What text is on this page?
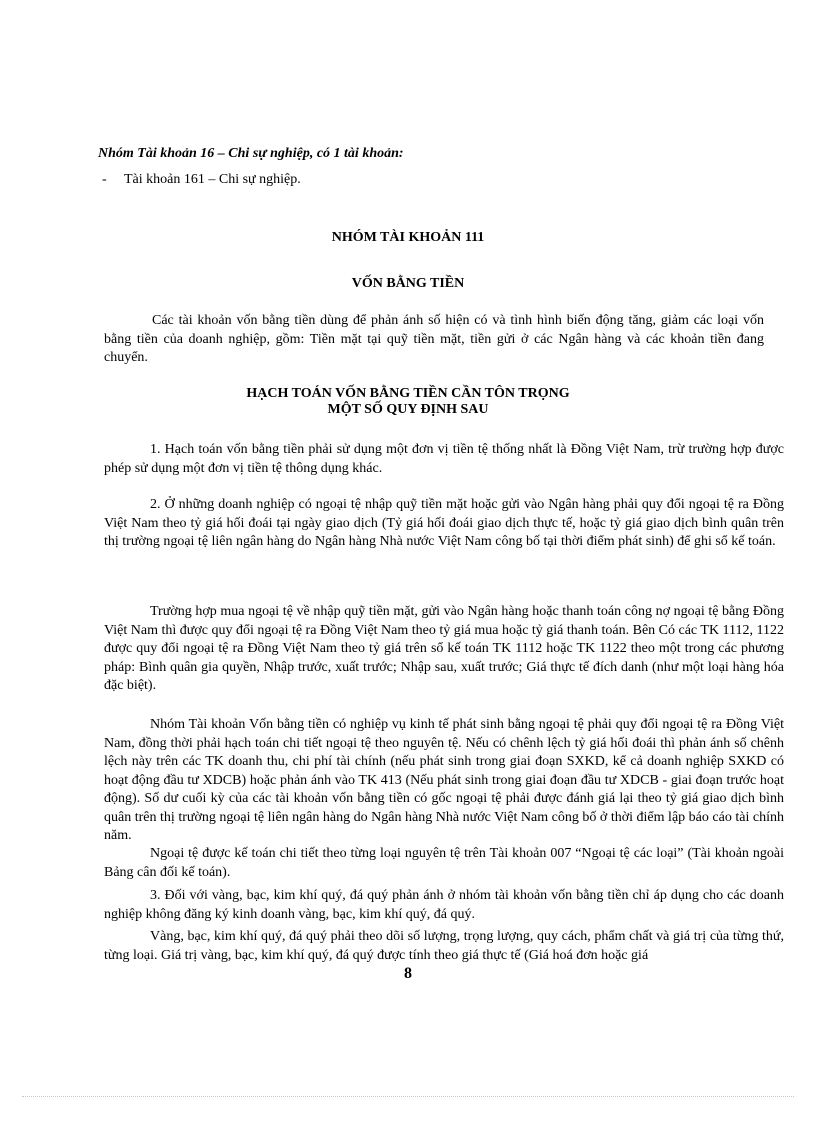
Nhóm Tài khoản 16 – Chi sự nghiệp, có 1 tài khoản:

-	Tài khoản 161 – Chi sự nghiệp.

NHÓM TÀI KHOẢN 111
VỐN BẰNG TIỀN

Các tài khoản vốn bằng tiền dùng để phản ánh số hiện có và tình hình biến động tăng, giảm các loại vốn bằng tiền của doanh nghiệp, gồm: Tiền mặt tại quỹ tiền mặt, tiền gửi ở các Ngân hàng và các khoản tiền đang chuyển.

HẠCH TOÁN VỐN BẰNG TIỀN CẦN TÔN TRỌNG
MỘT SỐ QUY ĐỊNH SAU

1. Hạch toán vốn bằng tiền phải sử dụng một đơn vị tiền tệ thống nhất là Đồng Việt Nam, trừ trường hợp được phép sử dụng một đơn vị tiền tệ thông dụng khác.

2. Ở những doanh nghiệp có ngoại tệ nhập quỹ tiền mặt hoặc gửi vào Ngân hàng phải quy đổi ngoại tệ ra Đồng Việt Nam theo tỷ giá hối đoái tại ngày giao dịch (Tỷ giá hối đoái giao dịch thực tế, hoặc tỷ giá giao dịch bình quân trên thị trường ngoại tệ liên ngân hàng do Ngân hàng Nhà nước Việt Nam công bố tại thời điểm phát sinh) để ghi sổ kế toán.

Trường hợp mua ngoại tệ về nhập quỹ tiền mặt, gửi vào Ngân hàng hoặc thanh toán công nợ ngoại tệ bằng Đồng Việt Nam thì được quy đổi ngoại tệ ra Đồng Việt Nam theo tỷ giá mua hoặc tỷ giá thanh toán. Bên Có các TK 1112, 1122 được quy đổi ngoại tệ ra Đồng Việt Nam theo tỷ giá trên sổ kế toán TK 1112 hoặc TK 1122 theo một trong các phương pháp: Bình quân gia quyền, Nhập trước, xuất trước; Nhập sau, xuất trước; Giá thực tế đích danh (như một loại hàng hóa đặc biệt).

Nhóm Tài khoản Vốn bằng tiền có nghiệp vụ kinh tế phát sinh bằng ngoại tệ phải quy đổi ngoại tệ ra Đồng Việt Nam, đồng thời phải hạch toán chi tiết ngoại tệ theo nguyên tệ. Nếu có chênh lệch tỷ giá hối đoái thì phản ánh số chênh lệch này trên các TK doanh thu, chi phí tài chính (nếu phát sinh trong giai đoạn SXKD, kể cả doanh nghiệp SXKD có hoạt động đầu tư XDCB) hoặc phản ánh vào TK 413 (Nếu phát sinh trong giai đoạn đầu tư XDCB - giai đoạn trước hoạt động). Số dư cuối kỳ của các tài khoản vốn bằng tiền có gốc ngoại tệ phải được đánh giá lại theo tỷ giá giao dịch bình quân trên thị trường ngoại tệ liên ngân hàng do Ngân hàng Nhà nước Việt Nam công bố ở thời điểm lập báo cáo tài chính năm.

Ngoại tệ được kế toán chi tiết theo từng loại nguyên tệ trên Tài khoản 007 “Ngoại tệ các loại” (Tài khoản ngoài Bảng cân đối kế toán).

3. Đối với vàng, bạc, kim khí quý, đá quý phản ánh ở nhóm tài khoản vốn bằng tiền chỉ áp dụng cho các doanh nghiệp không đăng ký kinh doanh vàng, bạc, kim khí quý, đá quý.

Vàng, bạc, kim khí quý, đá quý phải theo dõi số lượng, trọng lượng, quy cách, phẩm chất và giá trị của từng thứ, từng loại. Giá trị vàng, bạc, kim khí quý, đá quý được tính theo giá thực tế (Giá hoá đơn hoặc giá

8
